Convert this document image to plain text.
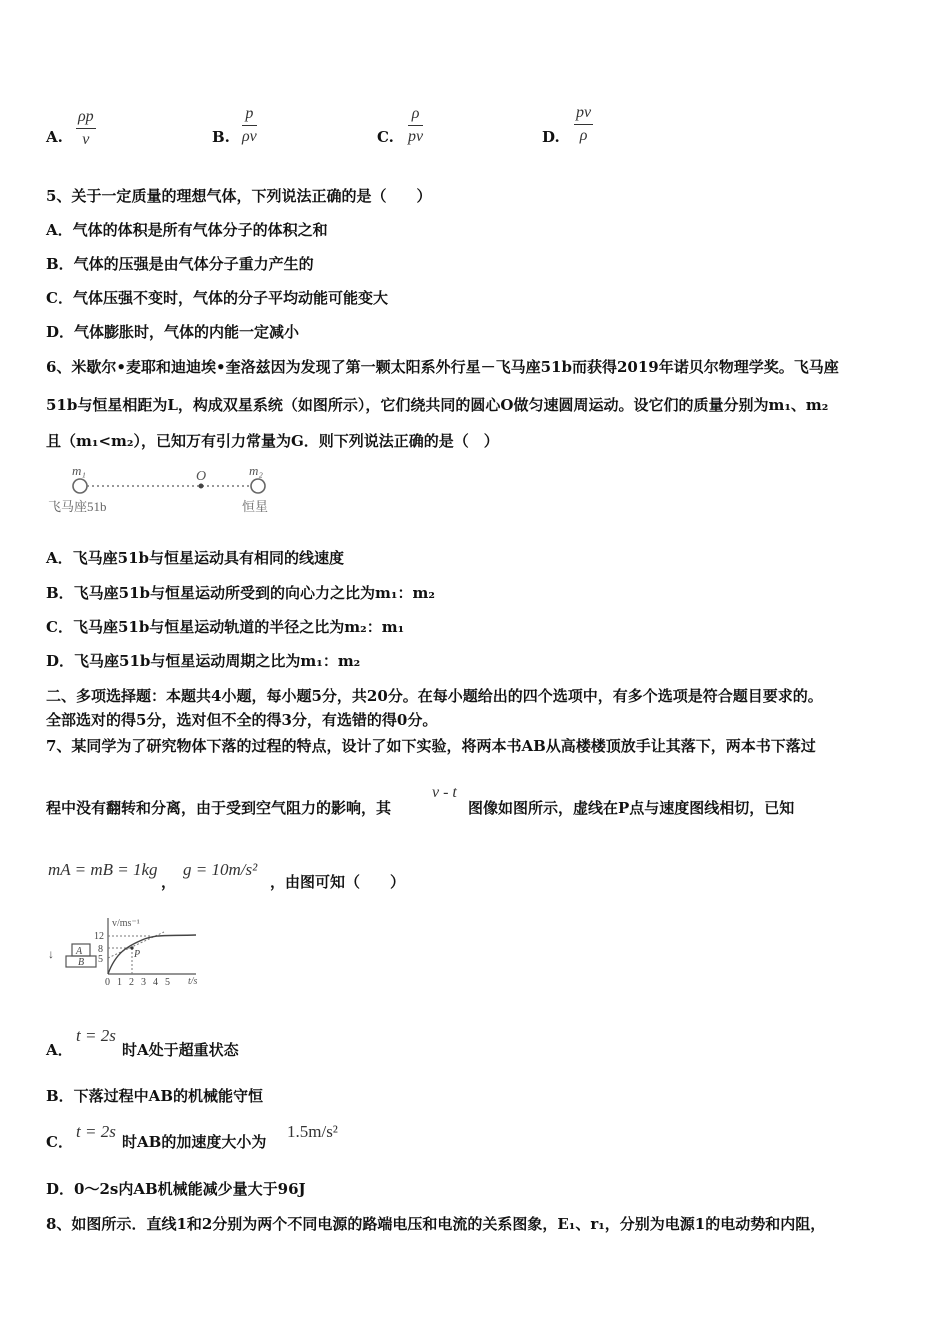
A. $\frac{\rho p}{v}$	B. $\frac{p}{\rho v}$	C. $\frac{\rho}{pv}$	D. $\frac{pv}{\rho}$
5、关于一定质量的理想气体，下列说法正确的是（　　）
A．气体的体积是所有气体分子的体积之和
B．气体的压强是由气体分子重力产生的
C．气体压强不变时，气体的分子平均动能可能变大
D．气体膨胀时，气体的内能一定减小
6、米歇尔•麦耶和迪迪埃•奎洛兹因为发现了第一颗太阳系外行星－飞马座51b而获得2019年诺贝尔物理学奖。飞马座
51b与恒星相距为L，构成双星系统（如图所示），它们绕共同的圆心O做匀速圆周运动。设它们的质量分别为m₁、m₂
且（m₁<m₂），已知万有引力常量为G．则下列说法正确的是（　）
m₁	O	m₂
飞马座51b	恒星
A．飞马座51b与恒星运动具有相同的线速度
B．飞马座51b与恒星运动所受到的向心力之比为m₁：m₂
C．飞马座51b与恒星运动轨道的半径之比为m₂：m₁
D．飞马座51b与恒星运动周期之比为m₁：m₂
二、多项选择题：本题共4小题，每小题5分，共20分。在每小题给出的四个选项中，有多个选项是符合题目要求的。
全部选对的得5分，选对但不全的得3分，有选错的得0分。
7、某同学为了研究物体下落的过程的特点，设计了如下实验，将两本书AB从高楼楼顶放手让其落下，两本书下落过
程中没有翻转和分离，由于受到空气阻力的影响，其
v - t
图像如图所示，虚线在P点与速度图线相切，已知
mA = mB = 1kg
，
g = 10m/s²
，由图可知（　　）
↓ A
B
v/ms⁻¹
t/s
12
8
5	P
0 1 2 3 4 5
A．
t = 2s
时A处于超重状态
B．下落过程中AB的机械能守恒
C．
t = 2s
时AB的加速度大小为
1.5m/s²
D．0～2s内AB机械能减少量大于96J
8、如图所示．直线1和2分别为两个不同电源的路端电压和电流的关系图象，E₁、r₁，分别为电源1的电动势和内阻，
